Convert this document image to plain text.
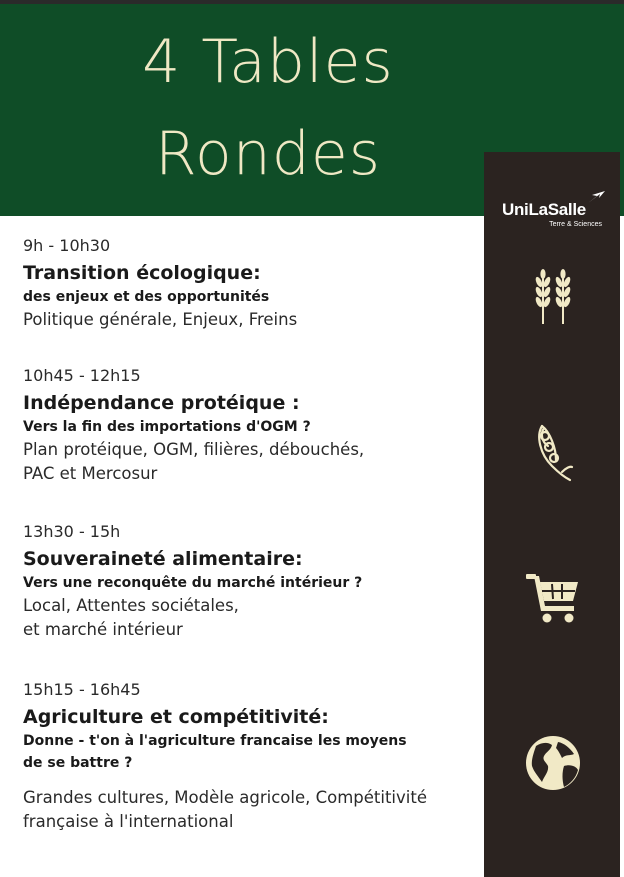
4 Tables
Rondes
UniLaSalle
Terre & Sciences
9h - 10h30
Transition écologique:
des enjeux et des opportunités
Politique générale, Enjeux, Freins
10h45 - 12h15
Indépendance protéique :
Vers la fin des importations d'OGM ?
Plan protéique, OGM, filières, débouchés,
PAC et Mercosur
13h30 - 15h
Souveraineté alimentaire:
Vers une reconquête du marché intérieur ?
Local, Attentes sociétales,
et marché intérieur
15h15 - 16h45
Agriculture et compétitivité:
Donne - t'on à l'agriculture francaise les moyens
de se battre ?
Grandes cultures, Modèle agricole, Compétitivité
française à l'international
